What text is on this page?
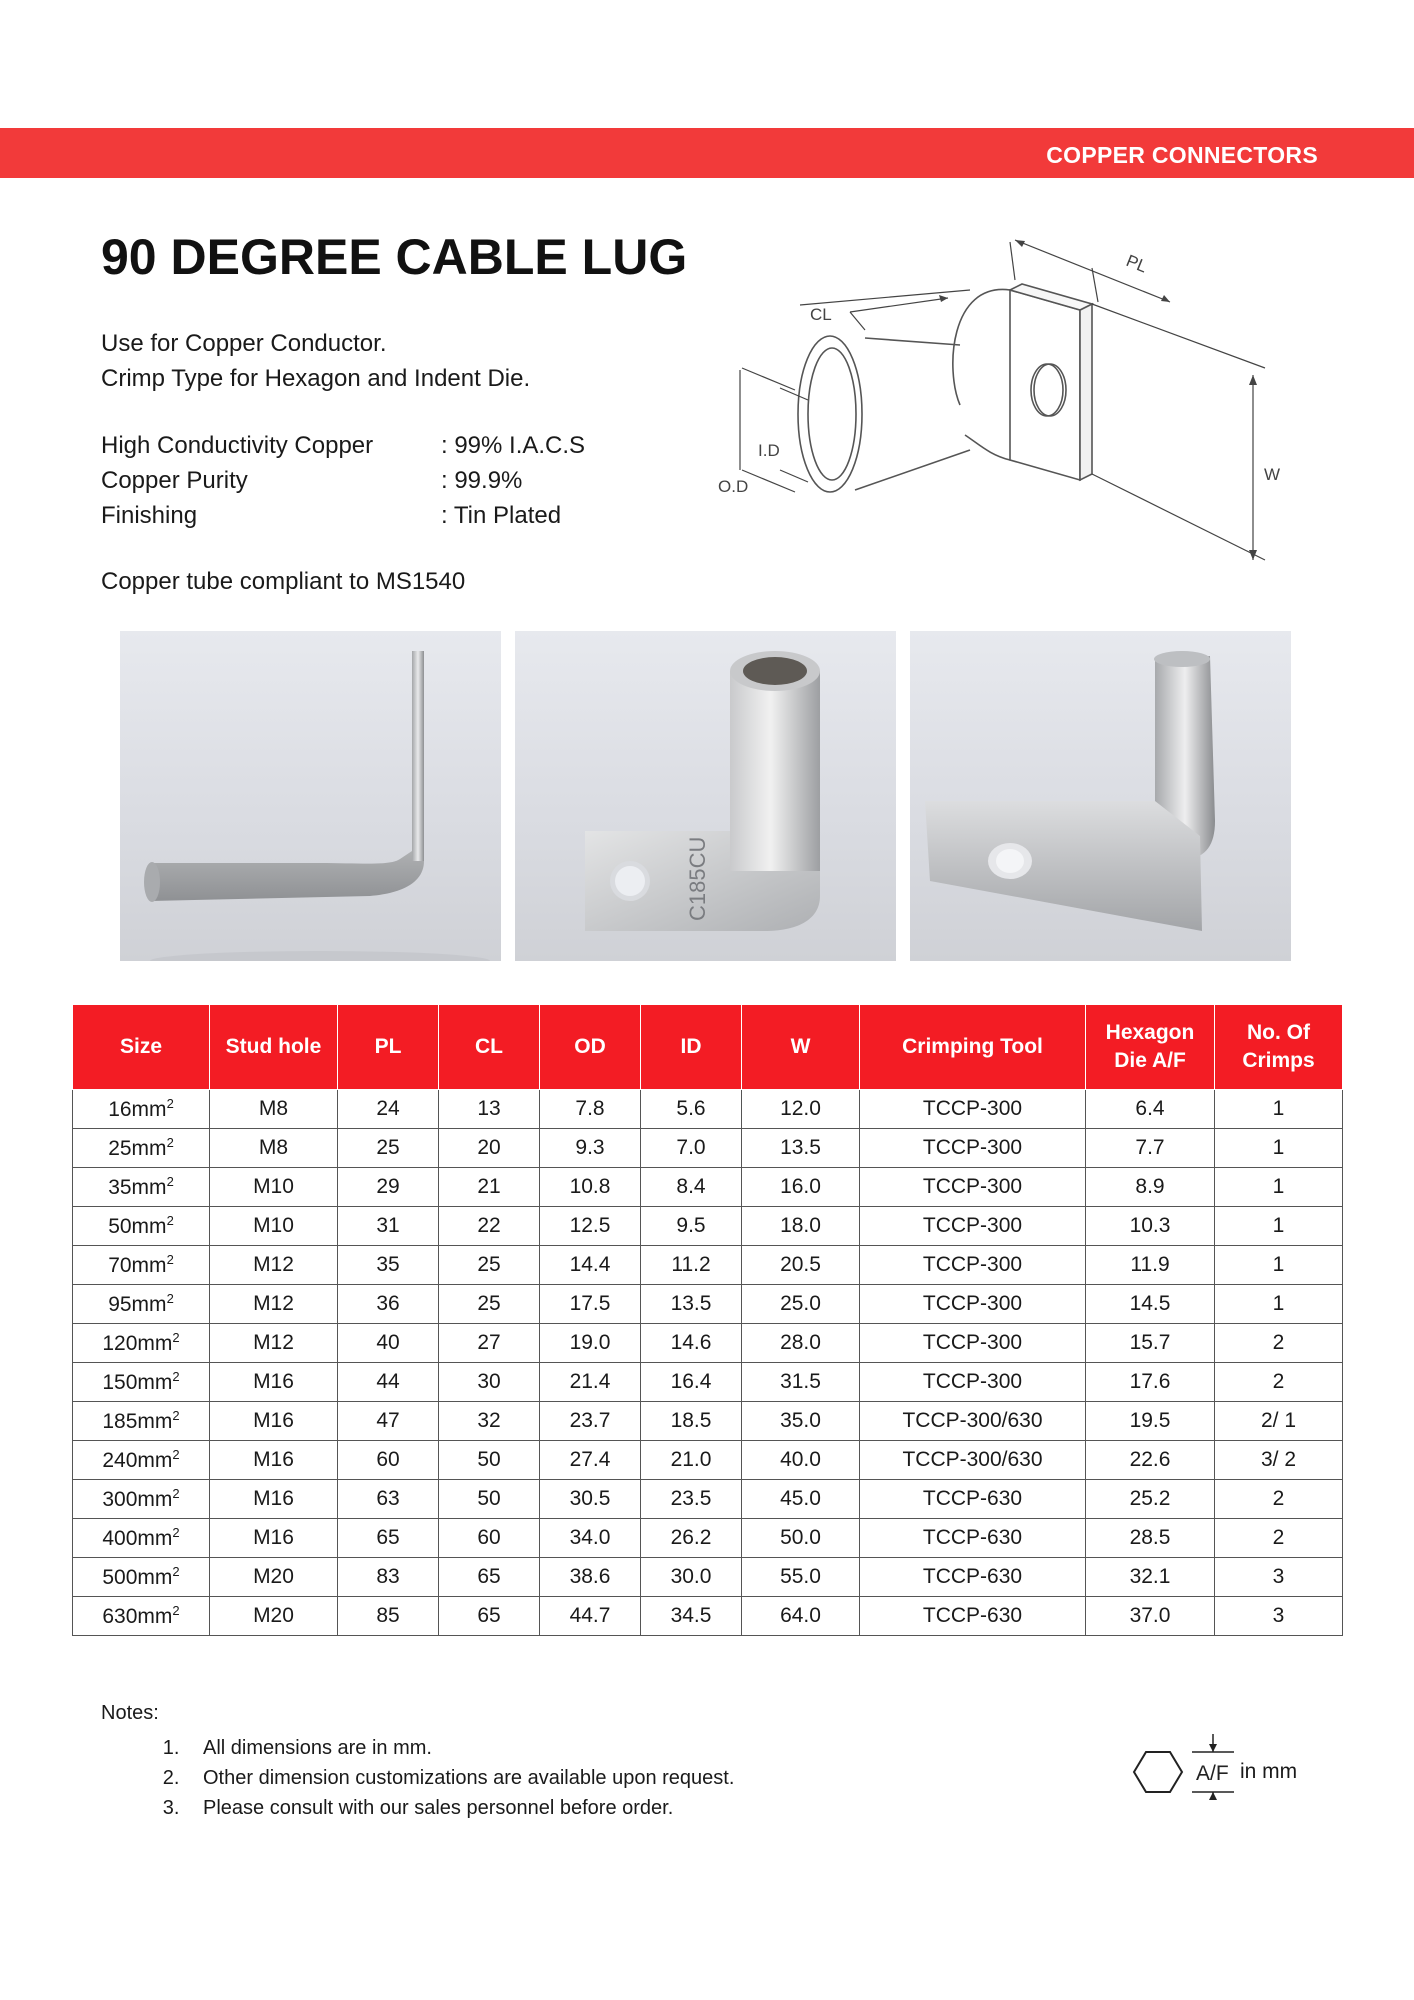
COPPER CONNECTORS
90 DEGREE CABLE LUG
Use for Copper Conductor.
Crimp Type for Hexagon and Indent Die.
High Conductivity Copper	: 99% I.A.C.S
Copper Purity	: 99.9%
Finishing	: Tin Plated
Copper tube compliant to MS1540
PL
CL
I.D
O.D
W
C185CU
Size	Stud hole	PL	CL	OD	ID	W	Crimping Tool	Hexagon Die A/F	No. Of Crimps
$16mm^2$	M8	24	13	7.8	5.6	12.0	TCCP-300	6.4	1
$25mm^2$	M8	25	20	9.3	7.0	13.5	TCCP-300	7.7	1
$35mm^2$	M10	29	21	10.8	8.4	16.0	TCCP-300	8.9	1
$50mm^2$	M10	31	22	12.5	9.5	18.0	TCCP-300	10.3	1
$70mm^2$	M12	35	25	14.4	11.2	20.5	TCCP-300	11.9	1
$95mm^2$	M12	36	25	17.5	13.5	25.0	TCCP-300	14.5	1
$120mm^2$	M12	40	27	19.0	14.6	28.0	TCCP-300	15.7	2
$150mm^2$	M16	44	30	21.4	16.4	31.5	TCCP-300	17.6	2
$185mm^2$	M16	47	32	23.7	18.5	35.0	TCCP-300/630	19.5	2/ 1
$240mm^2$	M16	60	50	27.4	21.0	40.0	TCCP-300/630	22.6	3/ 2
$300mm^2$	M16	63	50	30.5	23.5	45.0	TCCP-630	25.2	2
$400mm^2$	M16	65	60	34.0	26.2	50.0	TCCP-630	28.5	2
$500mm^2$	M20	83	65	38.6	30.0	55.0	TCCP-630	32.1	3
$630mm^2$	M20	85	65	44.7	34.5	64.0	TCCP-630	37.0	3
Notes:
1. All dimensions are in mm.
2. Other dimension customizations are available upon request.
3. Please consult with our sales personnel before order.
A/F in mm
